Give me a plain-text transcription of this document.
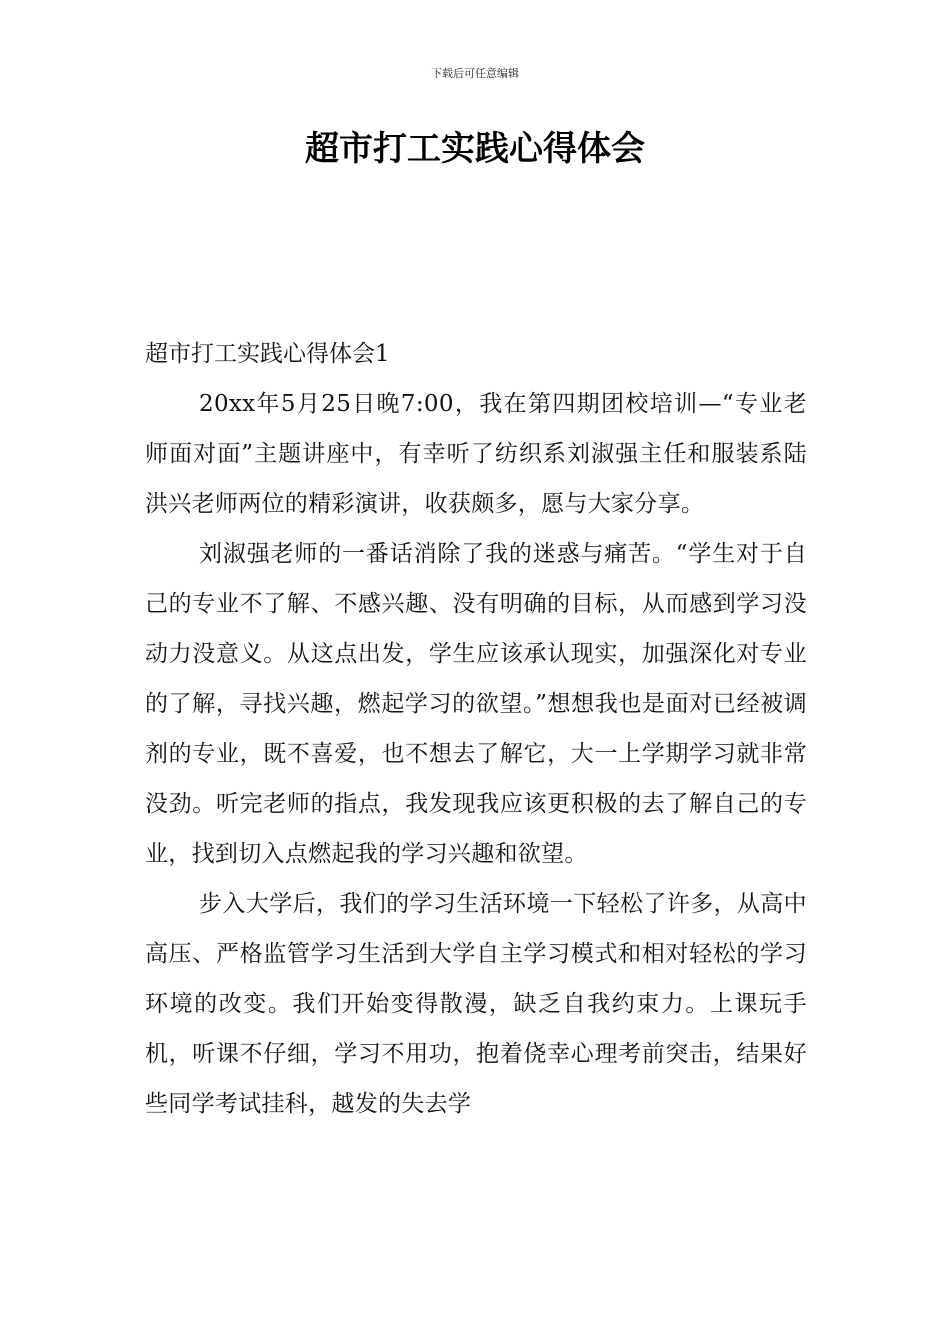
下载后可任意编辑
超市打工实践心得体会

超市打工实践心得体会1

20xx年5月25日晚7:00，我在第四期团校培训—“专业老师面对面”主题讲座中，有幸听了纺织系刘淑强主任和服装系陆洪兴老师两位的精彩演讲，收获颇多，愿与大家分享。

刘淑强老师的一番话消除了我的迷惑与痛苦。“学生对于自己的专业不了解、不感兴趣、没有明确的目标，从而感到学习没动力没意义。从这点出发，学生应该承认现实，加强深化对专业的了解，寻找兴趣，燃起学习的欲望。”想想我也是面对已经被调剂的专业，既不喜爱，也不想去了解它，大一上学期学习就非常没劲。听完老师的指点，我发现我应该更积极的去了解自己的专业，找到切入点燃起我的学习兴趣和欲望。

步入大学后，我们的学习生活环境一下轻松了许多，从高中高压、严格监管学习生活到大学自主学习模式和相对轻松的学习环境的改变。我们开始变得散漫，缺乏自我约束力。上课玩手机，听课不仔细，学习不用功，抱着侥幸心理考前突击，结果好些同学考试挂科，越发的失去学
